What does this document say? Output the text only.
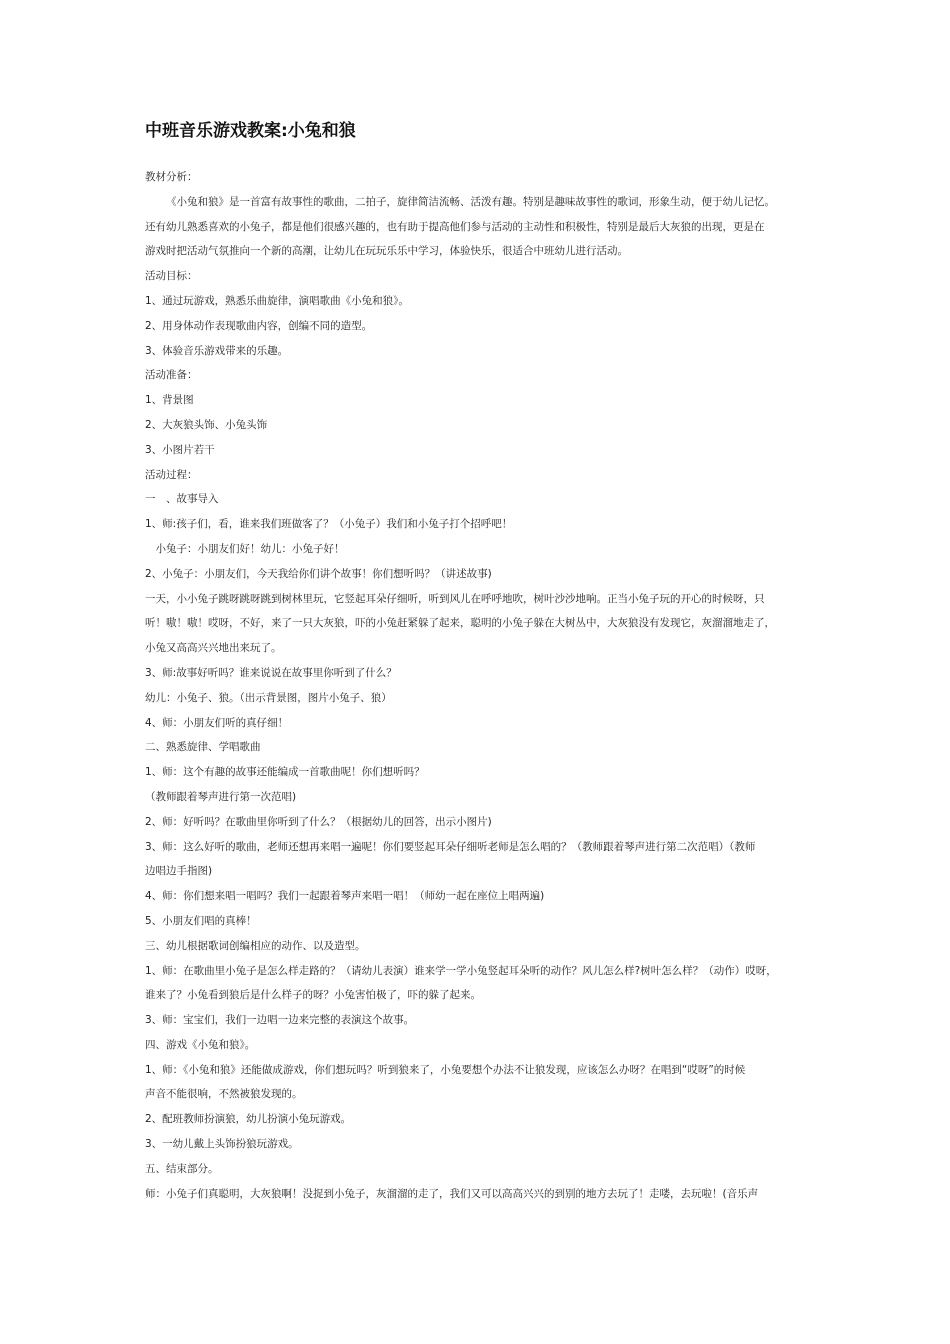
中班音乐游戏教案:小兔和狼

教材分析：

《小兔和狼》是一首富有故事性的歌曲，二拍子，旋律简洁流畅、活泼有趣。特别是趣味故事性的歌词，形象生动，便于幼儿记忆。

还有幼儿熟悉喜欢的小兔子，都是他们很感兴趣的，也有助于提高他们参与活动的主动性和积极性，特别是最后大灰狼的出现，更是在

游戏时把活动气氛推向一个新的高潮，让幼儿在玩玩乐乐中学习，体验快乐，很适合中班幼儿进行活动。

活动目标：

1、通过玩游戏，熟悉乐曲旋律，演唱歌曲《小兔和狼》。

2、用身体动作表现歌曲内容，创编不同的造型。

3、体验音乐游戏带来的乐趣。

活动准备：

1、背景图

2、大灰狼头饰、小兔头饰

3、小图片若干

活动过程：

一　、故事导入

1、师:孩子们，看，谁来我们班做客了？（小兔子）我们和小兔子打个招呼吧！

小兔子：小朋友们好！幼儿：小兔子好！

2、小兔子：小朋友们，今天我给你们讲个故事！你们想听吗？（讲述故事)

一天，小小兔子跳呀跳呀跳到树林里玩，它竖起耳朵仔细听，听到风儿在呼呼地吹，树叶沙沙地响。正当小兔子玩的开心的时候呀，只

听！嗷！嗷！哎呀，不好，来了一只大灰狼，吓的小兔赶紧躲了起来，聪明的小兔子躲在大树丛中，大灰狼没有发现它，灰溜溜地走了，

小兔又高高兴兴地出来玩了。

3、师:故事好听吗？谁来说说在故事里你听到了什么？

幼儿：小兔子、狼。（出示背景图，图片小兔子、狼）

4、师：小朋友们听的真仔细！

二、熟悉旋律、学唱歌曲

1、师：这个有趣的故事还能编成一首歌曲呢！你们想听吗？

（教师跟着琴声进行第一次范唱)

2、师：好听吗？在歌曲里你听到了什么？（根据幼儿的回答，出示小图片)

3、师：这么好听的歌曲，老师还想再来唱一遍呢！你们要竖起耳朵仔细听老师是怎么唱的？（教师跟着琴声进行第二次范唱）（教师

边唱边手指图)

4、师：你们想来唱一唱吗？我们一起跟着琴声来唱一唱！（师幼一起在座位上唱两遍)

5、小朋友们唱的真棒！

三、幼儿根据歌词创编相应的动作、以及造型。

1、师：在歌曲里小兔子是怎么样走路的？（请幼儿表演）谁来学一学小兔竖起耳朵听的动作？风儿怎么样?树叶怎么样？（动作）哎呀，

谁来了？小兔看到狼后是什么样子的呀？小兔害怕极了，吓的躲了起来。

3、师：宝宝们，我们一边唱一边来完整的表演这个故事。

四、游戏《小兔和狼》。

1、师：《小兔和狼》还能做成游戏，你们想玩吗？听到狼来了，小兔要想个办法不让狼发现，应该怎么办呀？在唱到“哎呀”的时候

声音不能很响，不然被狼发现的。

2、配班教师扮演狼，幼儿扮演小兔玩游戏。

3、一幼儿戴上头饰扮狼玩游戏。

五、结束部分。

师：小兔子们真聪明，大灰狼啊！没捉到小兔子，灰溜溜的走了，我们又可以高高兴兴的到别的地方去玩了！走喽，去玩啦！(音乐声
